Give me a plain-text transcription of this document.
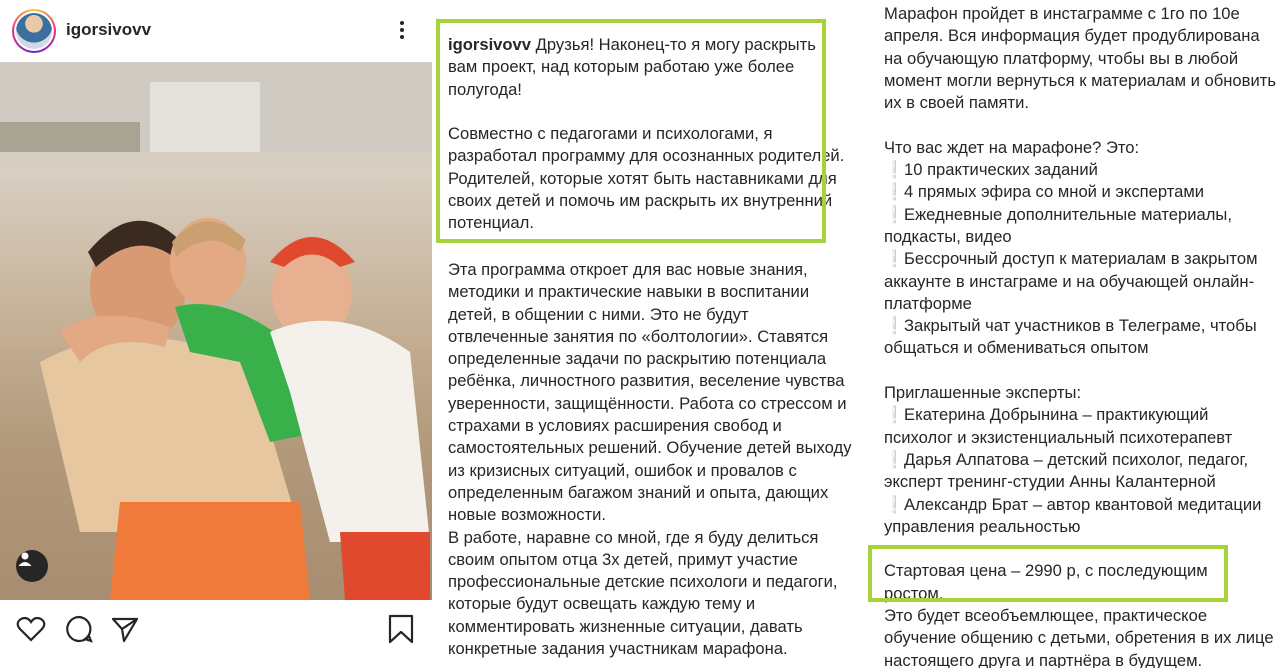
igorsivovv

igorsivovv Друзья! Наконец-то я могу раскрыть вам проект, над которым работаю уже более полугода!

Совместно с педагогами и психологами, я разработал программу для осознанных родителей. Родителей, которые хотят быть наставниками для своих детей и помочь им раскрыть их внутренний потенциал.

Эта программа откроет для вас новые знания, методики и практические навыки в воспитании детей, в общении с ними. Это не будут отвлеченные занятия по «болтологии». Ставятся определенные задачи по раскрытию потенциала ребёнка, личностного развития, веселение чувства уверенности, защищённости. Работа со стрессом и страхами в условиях расширения свобод и самостоятельных решений. Обучение детей выходу из кризисных ситуаций, ошибок и провалов с определенным багажом знаний и опыта, дающих новые возможности.
В работе, наравне со мной, где я буду делиться своим опытом отца 3х детей, примут участие профессиональные детские психологи и педагоги, которые будут освещать каждую тему и комментировать жизненные ситуации, давать конкретные задания участникам марафона.
Марафон пройдет в инстаграмме с 1го по 10е апреля. Вся информация будет продублирована на обучающую платформу, чтобы вы в любой момент могли вернуться к материалам и обновить их в своей памяти.
Что вас ждет на марафоне? Это:
❕10 практических заданий
❕4 прямых эфира со мной и экспертами
❕Ежедневные дополнительные материалы, подкасты, видео
❕Бессрочный доступ к материалам в закрытом аккаунте в инстаграме и на обучающей онлайн-платформе
❕Закрытый чат участников в Телеграме, чтобы общаться и обмениваться опытом
Приглашенные эксперты:
❕Екатерина Добрынина – практикующий психолог и экзистенциальный психотерапевт
❕Дарья Алпатова – детский психолог, педагог, эксперт тренинг-студии Анны Калантерной
❕Александр Брат – автор квантовой медитации управления реальностью
Стартовая цена – 2990 р, с последующим ростом.
Это будет всеобъемлющее, практическое обучение общению с детьми, обретения в их лице настоящего друга и партнёра в будущем.
